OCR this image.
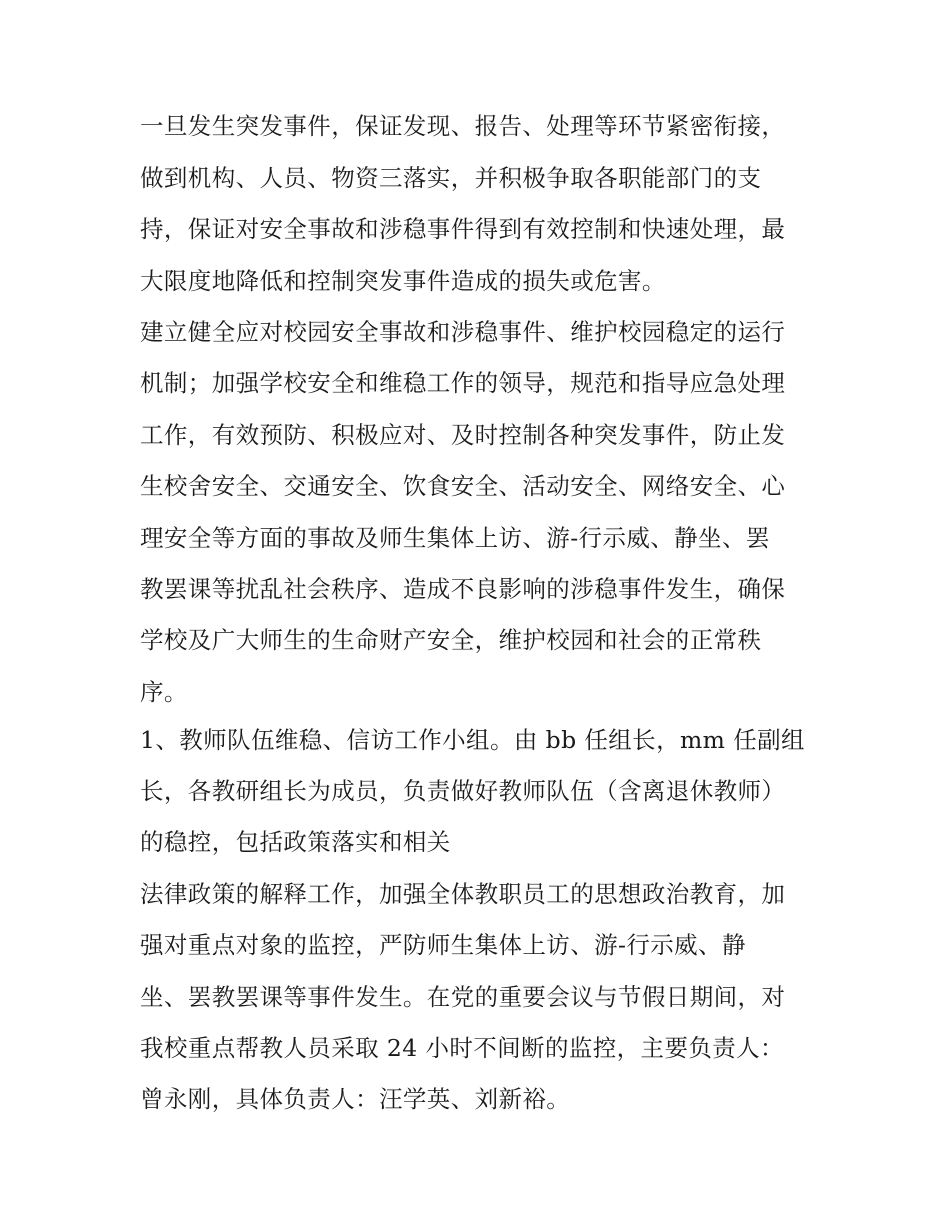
一旦发生突发事件，保证发现、报告、处理等环节紧密衔接，

做到机构、人员、物资三落实，并积极争取各职能部门的支

持，保证对安全事故和涉稳事件得到有效控制和快速处理，最

大限度地降低和控制突发事件造成的损失或危害。

建立健全应对校园安全事故和涉稳事件、维护校园稳定的运行

机制；加强学校安全和维稳工作的领导，规范和指导应急处理

工作，有效预防、积极应对、及时控制各种突发事件，防止发

生校舍安全、交通安全、饮食安全、活动安全、网络安全、心

理安全等方面的事故及师生集体上访、游-行示威、静坐、罢

教罢课等扰乱社会秩序、造成不良影响的涉稳事件发生，确保

学校及广大师生的生命财产安全，维护校园和社会的正常秩

序。

1、教师队伍维稳、信访工作小组。由 bb 任组长，mm 任副组

长，各教研组长为成员，负责做好教师队伍（含离退休教师）

的稳控，包括政策落实和相关

法律政策的解释工作，加强全体教职员工的思想政治教育，加

强对重点对象的监控，严防师生集体上访、游-行示威、静

坐、罢教罢课等事件发生。在党的重要会议与节假日期间，对

我校重点帮教人员采取 24 小时不间断的监控，主要负责人：

曾永刚，具体负责人：汪学英、刘新裕。
